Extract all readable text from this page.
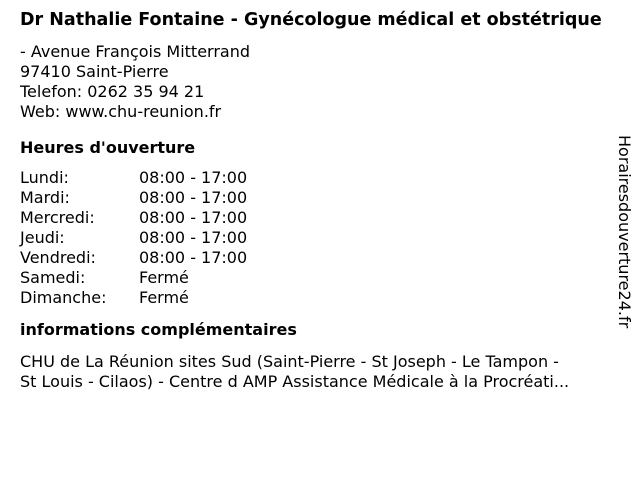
Dr Nathalie Fontaine - Gynécologue médical et obstétrique
- Avenue François Mitterrand
97410 Saint-Pierre
Telefon: 0262 35 94 21
Web: www.chu-reunion.fr
Heures d'ouverture
Lundi:	08:00 - 17:00
Mardi:	08:00 - 17:00
Mercredi:	08:00 - 17:00
Jeudi:	08:00 - 17:00
Vendredi:	08:00 - 17:00
Samedi:	Fermé
Dimanche:	Fermé
informations complémentaires
CHU de La Réunion sites Sud (Saint-Pierre - St Joseph - Le Tampon -
St Louis - Cilaos) - Centre d AMP Assistance Médicale à la Procréati...
Horairesdouverture24.fr
